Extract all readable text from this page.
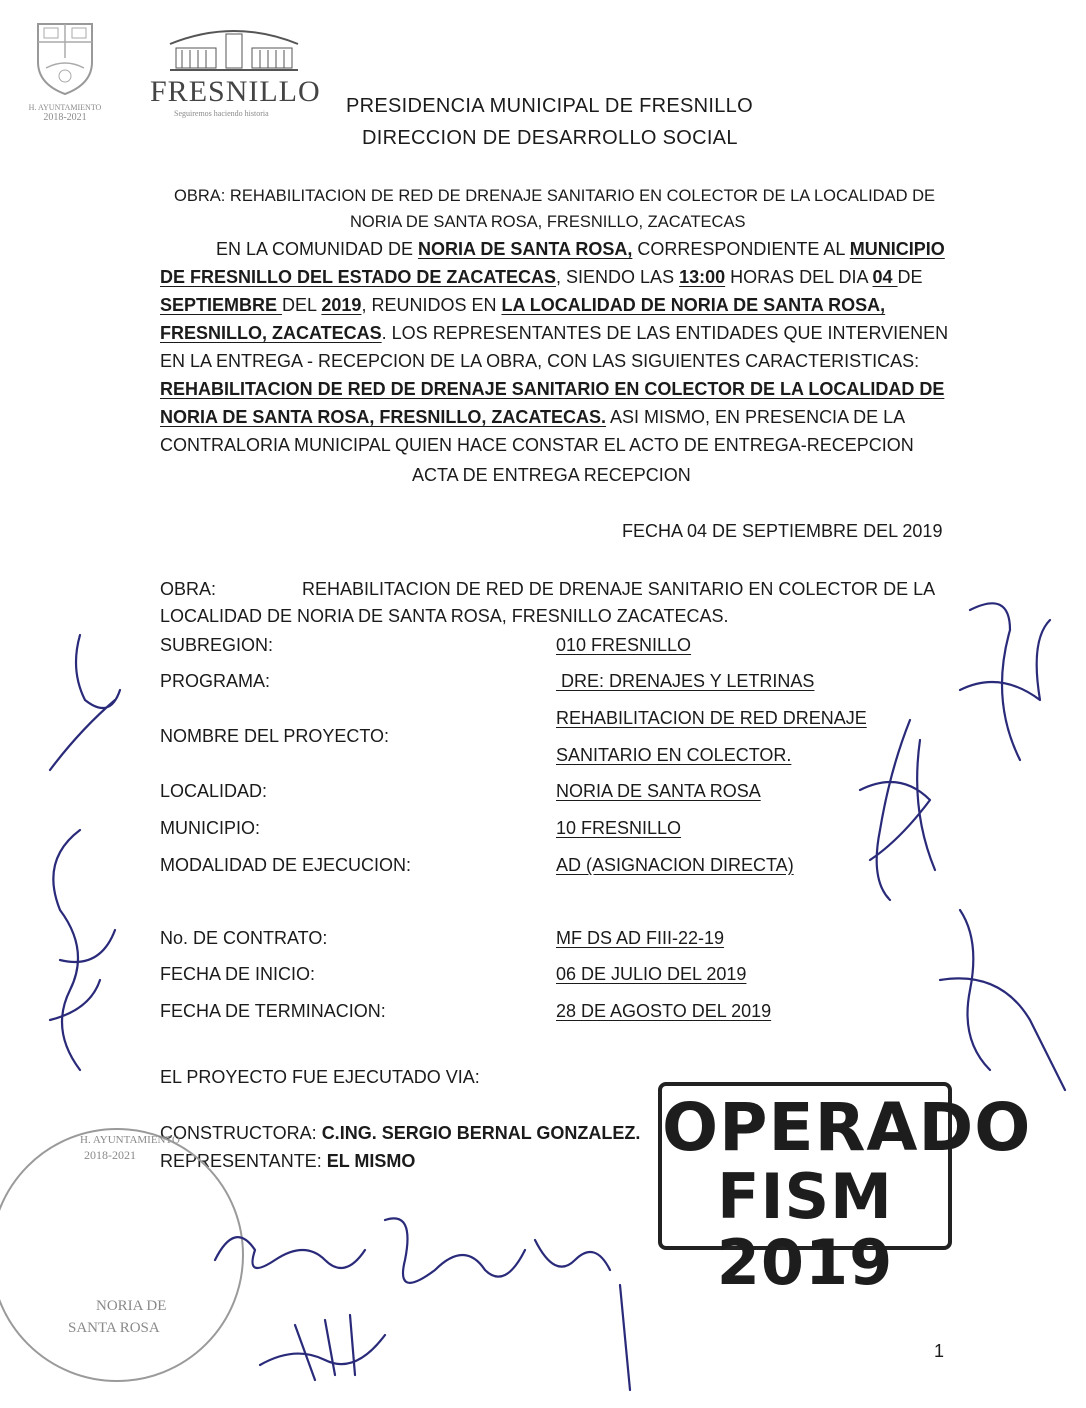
H. AYUNTAMIENTO
2018-2021
FRESNILLO
Seguiremos haciendo historia	PRESIDENCIA MUNICIPAL DE FRESNILLO
DIRECCION DE DESARROLLO SOCIAL
OBRA: REHABILITACION DE RED DE DRENAJE SANITARIO EN COLECTOR DE LA LOCALIDAD DE
NORIA DE SANTA ROSA, FRESNILLO, ZACATECAS
EN LA COMUNIDAD DE NORIA DE SANTA ROSA, CORRESPONDIENTE AL MUNICIPIO
DE FRESNILLO DEL ESTADO DE ZACATECAS, SIENDO LAS 13:00 HORAS DEL DIA 04 DE
SEPTIEMBRE DEL 2019, REUNIDOS EN LA LOCALIDAD DE NORIA DE SANTA ROSA,
FRESNILLO, ZACATECAS. LOS REPRESENTANTES DE LAS ENTIDADES QUE INTERVIENEN
EN LA ENTREGA - RECEPCION DE LA OBRA, CON LAS SIGUIENTES CARACTERISTICAS:
REHABILITACION DE RED DE DRENAJE SANITARIO EN COLECTOR DE LA LOCALIDAD DE
NORIA DE SANTA ROSA, FRESNILLO, ZACATECAS. ASI MISMO, EN PRESENCIA DE LA
CONTRALORIA MUNICIPAL QUIEN HACE CONSTAR EL ACTO DE ENTREGA-RECEPCION
ACTA DE ENTREGA RECEPCION
FECHA 04 DE SEPTIEMBRE DEL 2019
OBRA:	REHABILITACION DE RED DE DRENAJE SANITARIO EN COLECTOR DE LA
LOCALIDAD DE NORIA DE SANTA ROSA, FRESNILLO ZACATECAS.
SUBREGION:	010 FRESNILLO
PROGRAMA:	DRE: DRENAJES Y LETRINAS
NOMBRE DEL PROYECTO:
REHABILITACION DE RED DRENAJE
SANITARIO EN COLECTOR.
LOCALIDAD:	NORIA DE SANTA ROSA
MUNICIPIO:	10 FRESNILLO
MODALIDAD DE EJECUCION:	AD (ASIGNACION DIRECTA)
No. DE CONTRATO:	MF DS AD FIII-22-19
FECHA DE INICIO:	06 DE JULIO DEL 2019
FECHA DE TERMINACION:	28 DE AGOSTO DEL 2019
EL PROYECTO FUE EJECUTADO VIA:
CONSTRUCTORA: C.ING. SERGIO BERNAL GONZALEZ.
REPRESENTANTE: EL MISMO	OPERADO
FISM 2019
H. AYUNTAMIENTO
2018-2021
NORIA DE
SANTA ROSA
1
